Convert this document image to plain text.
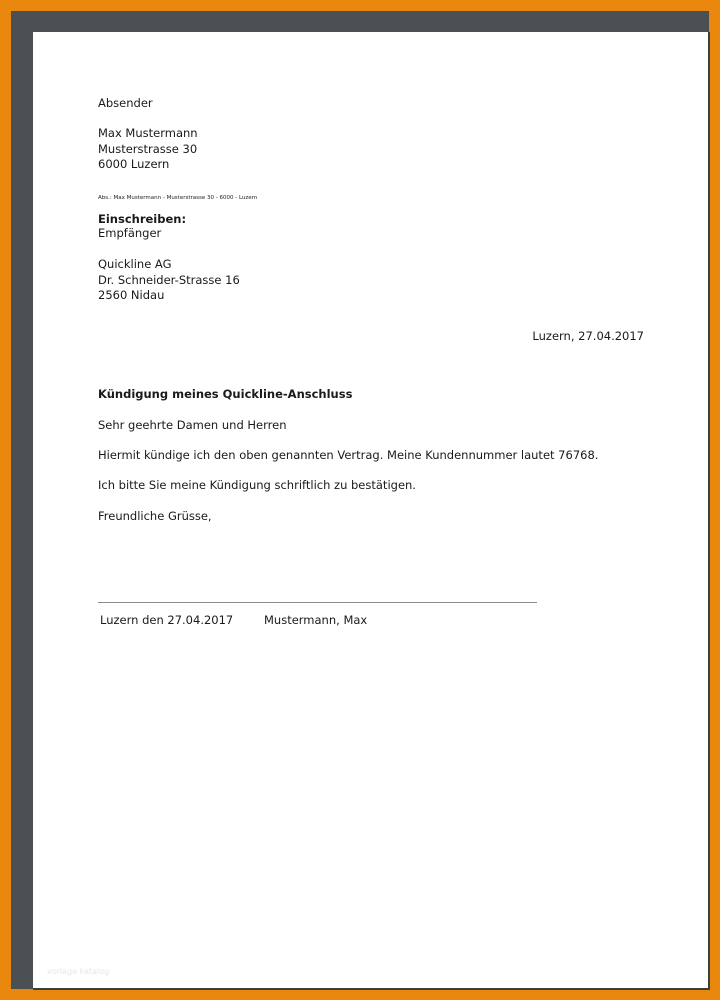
Absender
Max Mustermann
Musterstrasse 30
6000 Luzern
Abs.: Max Mustermann - Musterstrasse 30 - 6000 - Luzern
Einschreiben:
Empfänger
Quickline AG
Dr. Schneider-Strasse 16
2560 Nidau
Luzern, 27.04.2017
Kündigung meines Quickline-Anschluss
Sehr geehrte Damen und Herren
Hiermit kündige ich den oben genannten Vertrag. Meine Kundennummer lautet 76768.
Ich bitte Sie meine Kündigung schriftlich zu bestätigen.
Freundliche Grüsse,
Luzern den 27.04.2017	Mustermann, Max
vorlage katalog
